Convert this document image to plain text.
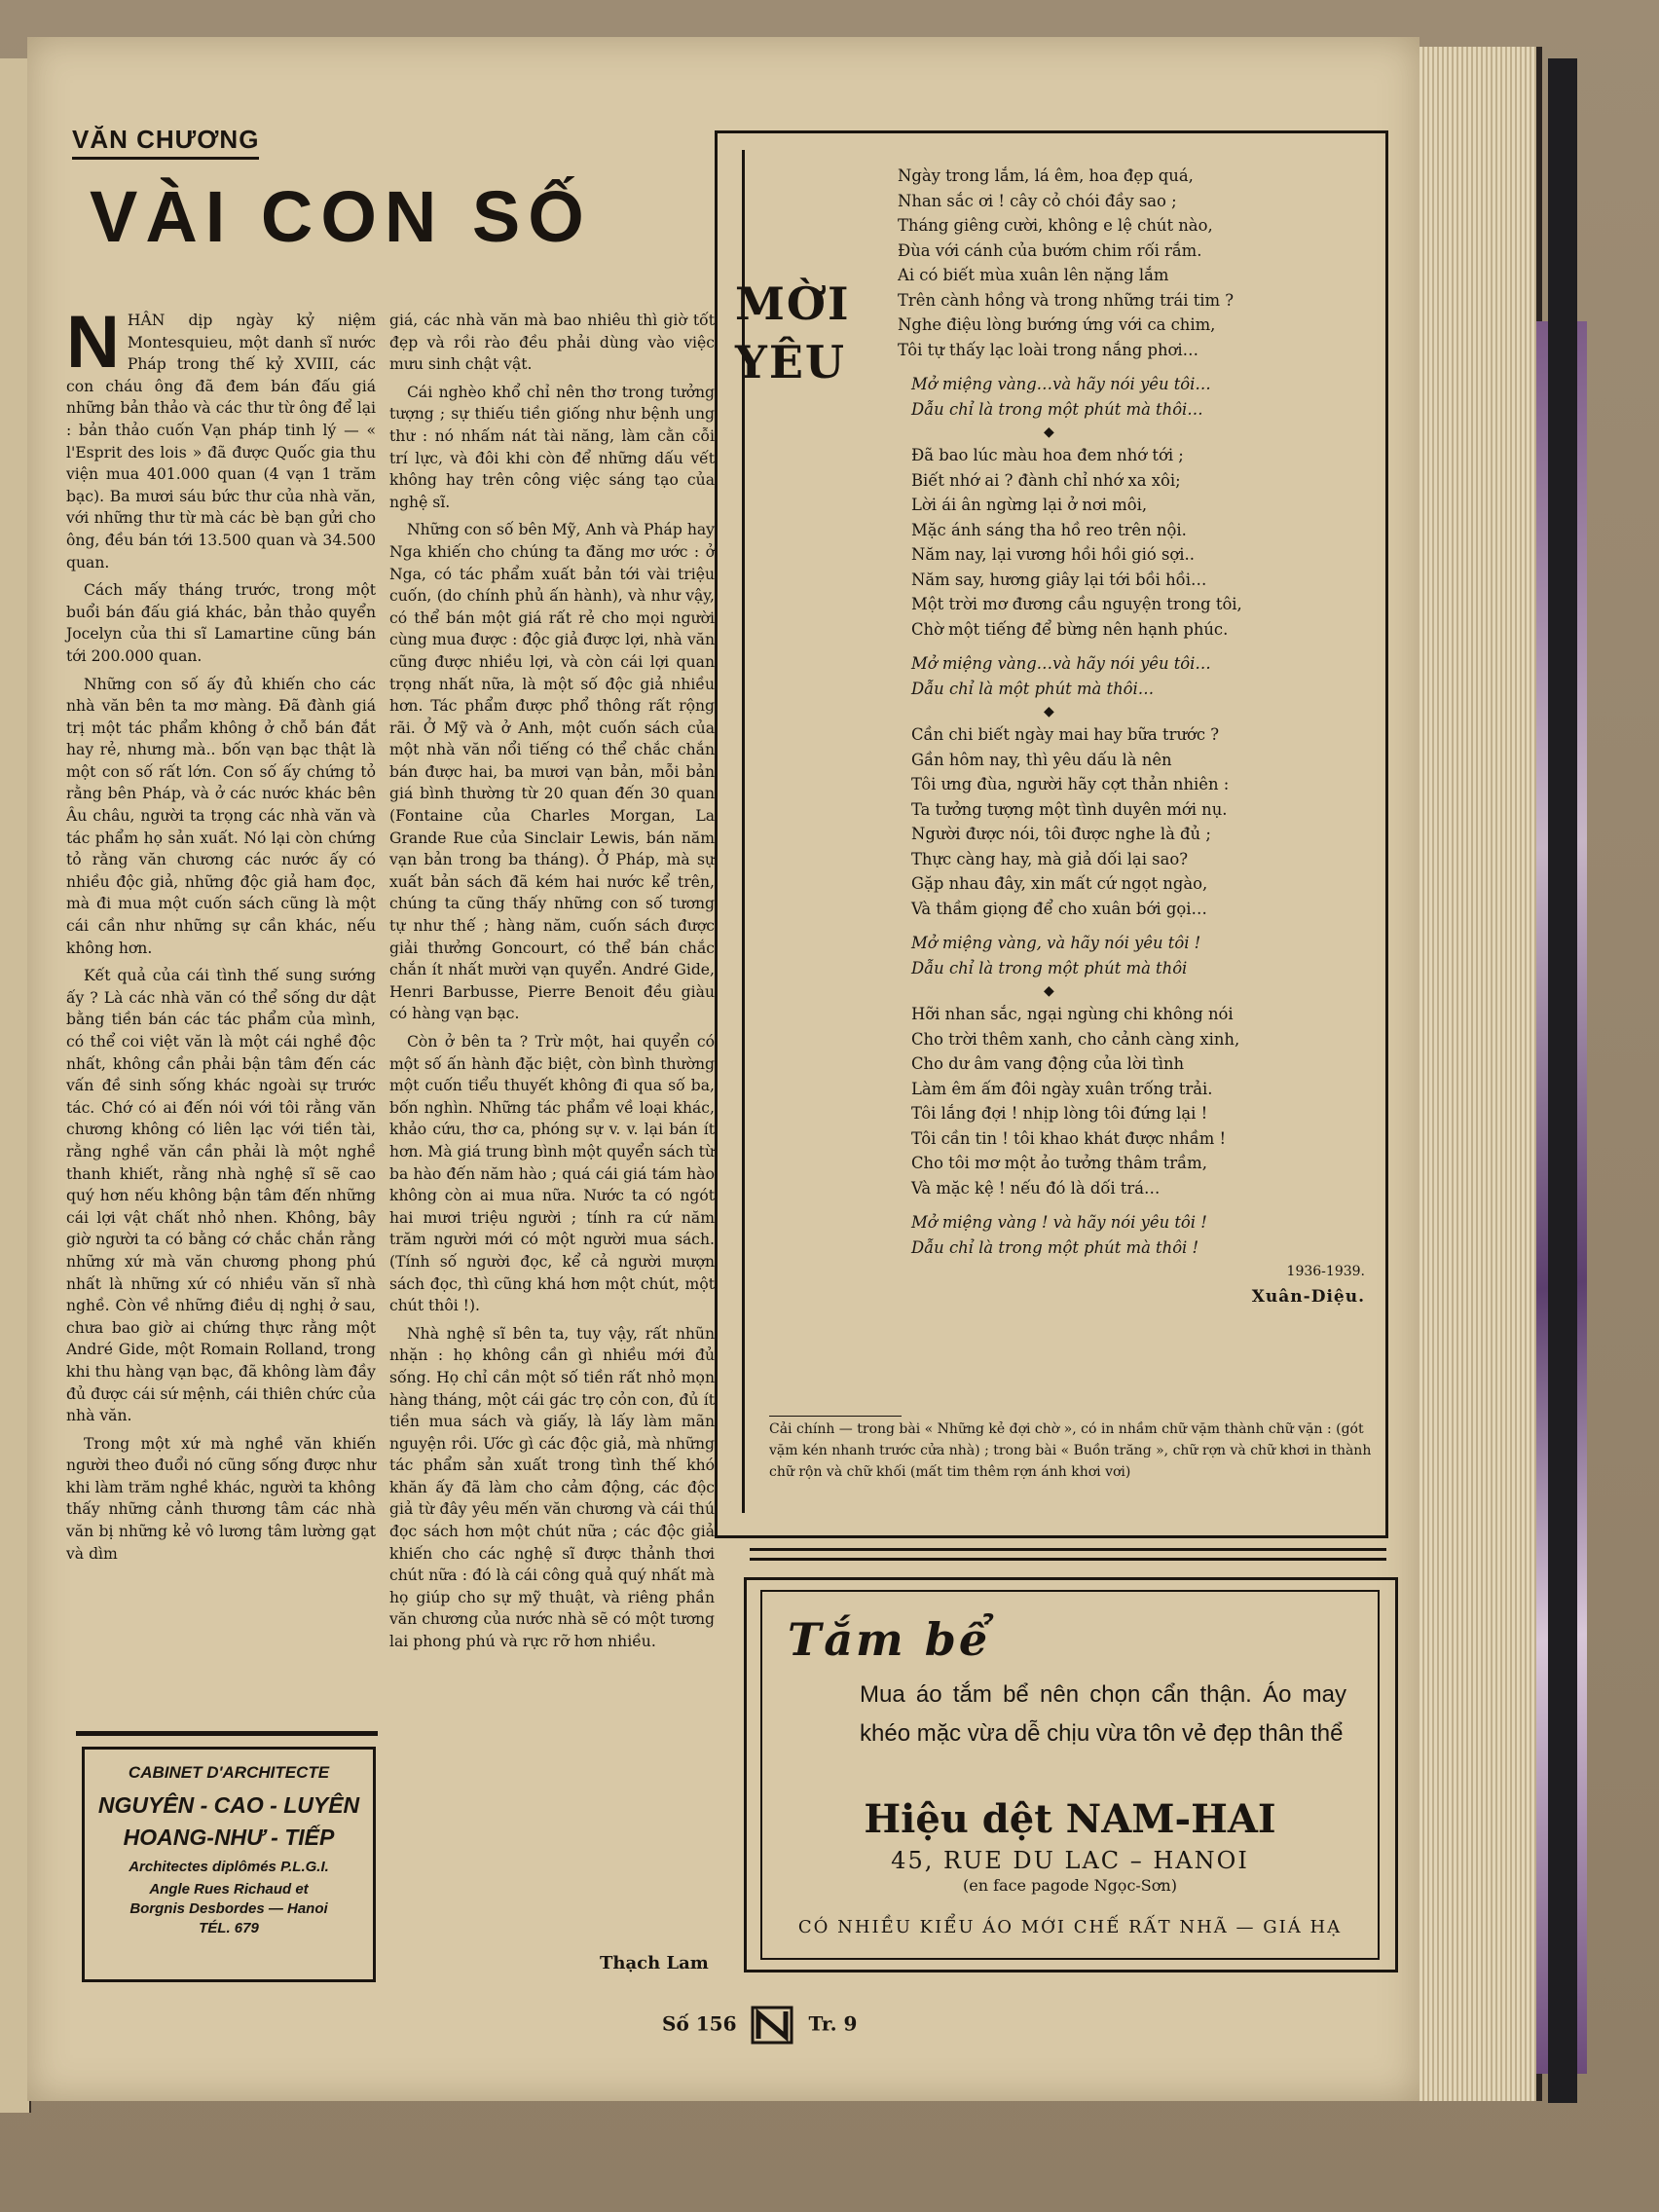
VĂN CHƯƠNG
VÀI CON SỐ

NHÂN dịp ngày kỷ niệm Montesquieu, một danh sĩ nước Pháp trong thế kỷ XVIII, các con cháu ông đã đem bán đấu giá những bản thảo và các thư từ ông để lại : bản thảo cuốn Vạn pháp tinh lý — « l'Esprit des lois » đã được Quốc gia thu viện mua 401.000 quan (4 vạn 1 trăm bạc). Ba mươi sáu bức thư của nhà văn, với những thư từ mà các bè bạn gửi cho ông, đều bán tới 13.500 quan và 34.500 quan.

Cách mấy tháng trước, trong một buổi bán đấu giá khác, bản thảo quyển Jocelyn của thi sĩ Lamartine cũng bán tới 200.000 quan.

Những con số ấy đủ khiến cho các nhà văn bên ta mơ màng. Đã đành giá trị một tác phẩm không ở chỗ bán đắt hay rẻ, nhưng mà.. bốn vạn bạc thật là một con số rất lớn. Con số ấy chứng tỏ rằng bên Pháp, và ở các nước khác bên Âu châu, người ta trọng các nhà văn và tác phẩm họ sản xuất. Nó lại còn chứng tỏ rằng văn chương các nước ấy có nhiều độc giả, những độc giả ham đọc, mà đi mua một cuốn sách cũng là một cái cần như những sự cần khác, nếu không hơn.

Kết quả của cái tình thế sung sướng ấy ? Là các nhà văn có thể sống dư dật bằng tiền bán các tác phẩm của mình, có thể coi việt văn là một cái nghề độc nhất, không cần phải bận tâm đến các vấn đề sinh sống khác ngoài sự trước tác. Chớ có ai đến nói với tôi rằng văn chương không có liên lạc với tiền tài, rằng nghề văn cần phải là một nghề thanh khiết, rằng nhà nghệ sĩ sẽ cao quý hơn nếu không bận tâm đến những cái lợi vật chất nhỏ nhen. Không, bây giờ người ta có bằng cớ chắc chắn rằng những xứ mà văn chương phong phú nhất là những xứ có nhiều văn sĩ nhà nghề. Còn về những điều dị nghị ở sau, chưa bao giờ ai chứng thực rằng một André Gide, một Romain Rolland, trong khi thu hàng vạn bạc, đã không làm đầy đủ được cái sứ mệnh, cái thiên chức của nhà văn.

Trong một xứ mà nghề văn khiến người theo đuổi nó cũng sống được như khi làm trăm nghề khác, người ta không thấy những cảnh thương tâm các nhà văn bị những kẻ vô lương tâm lường gạt và dìm

giá, các nhà văn mà bao nhiêu thì giờ tốt đẹp và rồi rào đều phải dùng vào việc mưu sinh chật vật.

Cái nghèo khổ chỉ nên thơ trong tưởng tượng ; sự thiếu tiền giống như bệnh ung thư : nó nhấm nát tài năng, làm cằn cỗi trí lực, và đôi khi còn để những dấu vết không hay trên công việc sáng tạo của nghệ sĩ.

Những con số bên Mỹ, Anh và Pháp hay Nga khiến cho chúng ta đăng mơ ước : ở Nga, có tác phẩm xuất bản tới vài triệu cuốn, (do chính phủ ấn hành), và như vậy, có thể bán một giá rất rẻ cho mọi người cùng mua được : độc giả được lợi, nhà văn cũng được nhiều lợi, và còn cái lợi quan trọng nhất nữa, là một số độc giả nhiều hơn. Tác phẩm được phổ thông rất rộng rãi. Ở Mỹ và ở Anh, một cuốn sách của một nhà văn nổi tiếng có thể chắc chắn bán được hai, ba mươi vạn bản, mỗi bản giá bình thường từ 20 quan đến 30 quan (Fontaine của Charles Morgan, La Grande Rue của Sinclair Lewis, bán năm vạn bản trong ba tháng). Ở Pháp, mà sự xuất bản sách đã kém hai nước kể trên, chúng ta cũng thấy những con số tương tự như thế ; hàng năm, cuốn sách được giải thưởng Goncourt, có thể bán chắc chắn ít nhất mười vạn quyển. André Gide, Henri Barbusse, Pierre Benoit đều giàu có hàng vạn bạc.

Còn ở bên ta ? Trừ một, hai quyển có một số ấn hành đặc biệt, còn bình thường một cuốn tiểu thuyết không đi qua số ba, bốn nghìn. Những tác phẩm về loại khác, khảo cứu, thơ ca, phóng sự v. v. lại bán ít hơn. Mà giá trung bình một quyển sách từ ba hào đến năm hào ; quá cái giá tám hào không còn ai mua nữa. Nước ta có ngót hai mươi triệu người ; tính ra cứ năm trăm người mới có một người mua sách. (Tính số người đọc, kể cả người mượn sách đọc, thì cũng khá hơn một chút, một chút thôi !).

Nhà nghệ sĩ bên ta, tuy vậy, rất nhũn nhặn : họ không cần gì nhiều mới đủ sống. Họ chỉ cần một số tiền rất nhỏ mọn hàng tháng, một cái gác trọ cỏn con, đủ ít tiền mua sách và giấy, là lấy làm mãn nguyện rồi. Ước gì các độc giả, mà những tác phẩm sản xuất trong tình thế khó khăn ấy đã làm cho cảm động, các độc giả từ đây yêu mến văn chương và cái thú đọc sách hơn một chút nữa ; các độc giả khiến cho các nghệ sĩ được thảnh thơi chút nữa : đó là cái công quả quý nhất mà họ giúp cho sự mỹ thuật, và riêng phần văn chương của nước nhà sẽ có một tương lai phong phú và rực rỡ hơn nhiều.

Thạch Lam
CABINET D'ARCHITECTE
NGUYÊN - CAO - LUYÊN
HOANG-NHƯ - TIẾP
Architectes diplômés P.L.G.I.
Angle Rues Richaud et
Borgnis Desbordes — Hanoi
TÉL. 679
MỜI
YÊU
Ngày trong lắm, lá êm, hoa đẹp quá,
Nhan sắc ơi ! cây cỏ chói đầy sao ;
Tháng giêng cười, không e lệ chút nào,
Đùa với cánh của bướm chim rối rắm.
Ai có biết mùa xuân lên nặng lắm
Trên cành hồng và trong những trái tim ?
Nghe điệu lòng bướng ứng với ca chim,
Tôi tự thấy lạc loài trong nắng phơi…
Mở miệng vàng…và hãy nói yêu tôi…
Dẫu chỉ là trong một phút mà thôi…
◆
Đã bao lúc màu hoa đem nhớ tới ;
Biết nhớ ai ? đành chỉ nhớ xa xôi;
Lời ái ân ngừng lại ở nơi môi,
Mặc ánh sáng tha hồ reo trên nội.
Năm nay, lại vương hồi hồi gió sợi..
Năm say, hương giây lại tới bồi hồi…
Một trời mơ đương cầu nguyện trong tôi,
Chờ một tiếng để bừng nên hạnh phúc.
Mở miệng vàng…và hãy nói yêu tôi…
Dẫu chỉ là một phút mà thôi…
◆
Cần chi biết ngày mai hay bữa trước ?
Gần hôm nay, thì yêu dấu là nên
Tôi ưng đùa, người hãy cợt thản nhiên :
Ta tưởng tượng một tình duyên mới nụ.
Người được nói, tôi được nghe là đủ ;
Thực càng hay, mà giả dối lại sao?
Gặp nhau đây, xin mất cứ ngọt ngào,
Và thầm giọng để cho xuân bới gọi…
Mở miệng vàng, và hãy nói yêu tôi !
Dẫu chỉ là trong một phút mà thôi
◆
Hỡi nhan sắc, ngại ngùng chi không nói
Cho trời thêm xanh, cho cảnh càng xinh,
Cho dư âm vang động của lời tình
Làm êm ấm đôi ngày xuân trống trải.
Tôi lắng đợi ! nhịp lòng tôi đứng lại !
Tôi cần tin ! tôi khao khát được nhầm !
Cho tôi mơ một ảo tưởng thâm trầm,
Và mặc kệ ! nếu đó là dối trá…
Mở miệng vàng ! và hãy nói yêu tôi !
Dẫu chỉ là trong một phút mà thôi !
1936-1939.
Xuân-Diệu.
Cải chính — trong bài « Những kẻ đợi chờ », có in nhầm chữ vặm thành chữ vặn : (gót vặm kén nhanh trước cửa nhà) ; trong bài « Buồn trăng », chữ rợn và chữ khơi in thành chữ rộn và chữ khối (mất tim thêm rợn ánh khơi vơi)
Tắm bể
Mua áo tắm bể nên chọn cẩn thận. Áo may khéo mặc vừa dễ chịu vừa tôn vẻ đẹp thân thể
Hiệu dệt NAM-HAI
45, RUE DU LAC – HANOI
(en face pagode Ngọc-Sơn)
CÓ NHIỀU KIỂU ÁO MỚI CHẾ RẤT NHÃ — GIÁ HẠ
Số 156	Tr. 9
